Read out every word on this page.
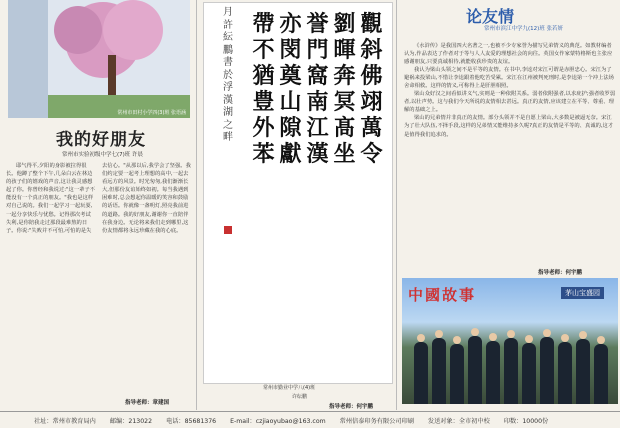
常州市田村小学四(3)班 张语涵
我的好朋友
常州市实验初级中学七(7)班 许晨
耶气得平,夕阳的身影被拉得很长。他蹲了整个下午,几朵白云在林边的孩子们的嬉戏的声音,这让我灵感想起了你。你曾经和我说过:"这一辈子不能没有一个真正的朋友。"我也是这样对自己说的。我们一起学习一起玩耍,一起分享快乐与忧愁。记得那次考试失利,是你陪我走过那段最难熬的日子。你说:"失败并不可怕,可怕的是失去信心。"从那以后,我学会了坚强。我们约定要一起考上理想的高中,一起去看远方的风景。时光匆匆,我们渐渐长大,但那份友谊始终如初。每当我遇到困难时,总会想起你温暖的笑容和鼓励的话语。你就像一盏明灯,照亮我前进的道路。我的好朋友,谢谢你一直陪伴在我身边。无论将来我们走到哪里,这份友情都将永远珍藏在我的心底。
指导老师：章建国
月許紜鵬書於浮漢湖之畔
觀
斜
佛
翊
萬
令
劉
暉
奔
冥
髙
坐
誉
門
窩
南
江
漢
亦
閔
奠
山
隙
獻
帶
不
猶
豊
外
苯
常州市勤业中学八(4)班
许纭鹏
指导老师：何宇鹏
论友情
常州市滨江中学九(12)班 张若妍

《水浒传》是我国四大名著之一,也被不少专家誉为描写兄弟情义的典范。如教材编者认为,作品表达了作者对于等与人人友爱的理想社会的向往。英国女作家蒙特格斯也主张应感谢朋友,只要真诚相待,就能收获珍贵的友谊。

我认为梁山头领之间不是平等的友情。在书中,李逵对宋江可谓是赤胆忠心。宋江为了避祸来投梁山,不惜让李逵跟着他吃苦受累。宋江在江州被判死刑时,是李逵第一个冲上法场舍命相救。这样的情义,可称得上是肝胆相照。

梁山众好汉之间看似讲义气,实则是一种依附关系。弱者依附强者,以求庇护;强者收罗弱者,以壮声势。这与我们今天所说的友情相去甚远。真正的友情,应该建立在平等、尊重、理解的基础之上。

梁山的兄弟情并非真正的友情。部分头领并不是自愿上梁山,大多数是被逼无奈。宋江为了壮大队伍,不择手段,这样的兄弟情又能维持多久呢?真正的友情是平等的、真诚的,这才是值得我们追求的。

指导老师：何宇鹏
中國故事	茅山宝盛园
社址：常州市教育局内 邮编：213022 电话：85681376 E-mail：czjiaoyubao@163.com 常州信泰印务有限公司印刷 发送对象：全市初中校 印数：10000份
